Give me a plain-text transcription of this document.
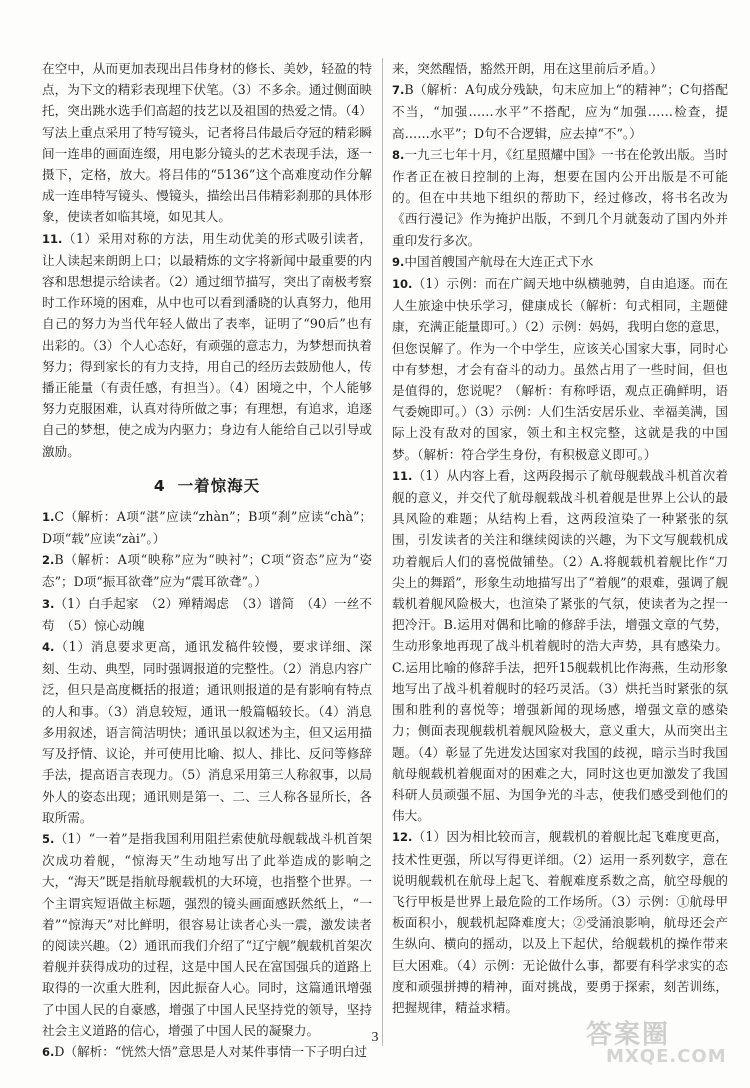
在空中，从而更加表现出吕伟身材的修长、美妙，轻盈的特点，为下文的精彩表现埋下伏笔。（3）不多余。通过侧面映托，突出跳水选手们高超的技艺以及祖国的热爱之情。（4）写法上重点采用了特写镜头，记者将吕伟最后夺冠的精彩瞬间一连串的画面连缀，用电影分镜头的艺术表现手法，逐一摄下，定格，放大。将吕伟的“5136”这个高难度动作分解成一连串特写镜头、慢镜头，描绘出吕伟精彩刹那的具体形象，使读者如临其境，如见其人。

11.（1）采用对称的方法，用生动优美的形式吸引读者，让人读起来朗朗上口；以最精炼的文字将新闻中最重要的内容和思想提示给读者。（2）通过细节描写，突出了南极考察时工作环境的困难，从中也可以看到潘晓的认真努力，他用自己的努力为当代年轻人做出了表率，证明了“90后”也有出彩的。（3）个人心态好，有顽强的意志力，为梦想而执着努力；得到家长的有力支持，用自己的经历去鼓励他人，传播正能量（有责任感，有担当）。（4）困境之中，个人能够努力克服困难，认真对待所做之事；有理想，有追求，追逐自己的梦想，使之成为内驱力；身边有人能给自己以引导或激励。

4 一着惊海天

1.C（解析：A项“湛”应读“zhàn”；B项“刹”应读“chà”；D项“载”应读“zài”。）

2.B（解析：A项“映称”应为“映衬”；C项“资态”应为“姿态”；D项“振耳欲聋”应为“震耳欲聋”。）

3.（1）白手起家　（2）殚精竭虑　（3）谱简　（4）一丝不苟　（5）惊心动魄

4.（1）消息要求更高，通讯发稿件较慢，要求详细、深刻、生动、典型，同时强调报道的完整性。（2）消息内容广泛，但只是高度概括的报道；通讯则报道的是有影响有特点的人和事。（3）消息较短，通讯一般篇幅较长。（4）消息多用叙述，语言简洁明快；通讯虽以叙述为主，但又运用描写及抒情、议论，并可使用比喻、拟人、排比、反问等修辞手法，提高语言表现力。（5）消息采用第三人称叙事，以局外人的姿态出现；通讯则是第一、二、三人称各显所长，各取所需。

5.（1）“一着”是指我国利用阻拦索使航母舰载战斗机首架次成功着舰，“惊海天”生动地写出了此举造成的影响之大，“海天”既是指航母舰载机的大环境，也指整个世界。一个主谓宾短语做主标题，强烈的镜头画面感跃然纸上，“一着”“惊海天”对比鲜明，很容易让读者心头一震，激发读者的阅读兴趣。（2）通讯而我们介绍了“辽宁舰”舰载机首架次着舰并获得成功的过程，这是中国人民在富国强兵的道路上取得的一次重大胜利，因此振奋人心。同时，这篇通讯增强了中国人民的自豪感，增强了中国人民坚持党的领导，坚持社会主义道路的信心，增强了中国人民的凝聚力。

6.D（解析：“恍然大悟”意思是人对某件事情一下子明白过

来，突然醒悟，豁然开朗，用在这里前后矛盾。）

7.B（解析：A句成分残缺，句末应加上“的精神”；C句搭配不当，“加强……水平”不搭配，应为“加强……检查，提高……水平”；D句不合逻辑，应去掉“不”。）

8.一九三七年十月，《红星照耀中国》一书在伦敦出版。当时作者正在被日控制的上海，想要在国内公开出版是不可能的。但在中共地下组织的帮助下，经过修改，将书名改为《西行漫记》作为掩护出版，不到几个月就轰动了国内外并重印发行多次。

9.中国首艘国产航母在大连正式下水

10.（1）示例：而在广阔天地中纵横驰骋，自由追逐。而在人生旅途中快乐学习，健康成长（解析：句式相同，主题健康，充满正能量即可。）（2）示例：妈妈，我明白您的意思，但您误解了。作为一个中学生，应该关心国家大事，同时心中有梦想，才会有奋斗的动力。虽然占用了一些时间，但也是值得的，您说呢？（解析：有称呼语，观点正确鲜明，语气委婉即可。）（3）示例：人们生活安居乐业、幸福美满，国际上没有敌对的国家，领土和主权完整，这就是我的中国梦。（解析：符合学生身份，有积极意义即可。）

11.（1）从内容上看，这两段揭示了航母舰载战斗机首次着舰的意义，并交代了航母舰载战斗机着舰是世界上公认的最具风险的难题；从结构上看，这两段渲染了一种紧张的氛围，引发读者的关注和继续阅读的兴趣，为下文写舰载机成功着舰后人们的喜悦做铺垫。（2）A.将舰载机着舰比作“刀尖上的舞蹈”，形象生动地描写出了“着舰”的艰难，强调了舰载机着舰风险极大，也渲染了紧张的气氛，使读者为之捏一把冷汗。B.运用对偶和比喻的修辞手法，增强文章的气势，生动形象地再现了战斗机着舰时的浩大声势，具有感染力。C.运用比喻的修辞手法，把歼15舰载机比作海燕，生动形象地写出了战斗机着舰时的轻巧灵活。（3）烘托当时紧张的氛围和胜利的喜悦等；增强新闻的现场感，增强文章的感染力；侧面表现舰载机着舰风险极大，意义重大，从而突出主题。（4）彰显了先进发达国家对我国的歧视，暗示当时我国航母舰载机着舰面对的困难之大，同时这也更加激发了我国科研人员顽强不屈、为国争光的斗志，使我们感受到他们的伟大。

12.（1）因为相比较而言，舰载机的着舰比起飞难度更高，技术性更强，所以写得更详细。（2）运用一系列数字，意在说明舰载机在航母上起飞、着舰难度系数之高，航空母舰的飞行甲板是世界上最危险的工作场所。（3）示例：①航母甲板面积小，舰载机起降难度大；②受涌浪影响，航母还会产生纵向、横向的摇动，以及上下起伏，给舰载机的操作带来巨大困难。（4）示例：无论做什么事，都要有科学求实的态度和顽强拼搏的精神，面对挑战，要勇于探索，刻苦训练，把握规律，精益求精。

3	答案圈
MXQE.COM
